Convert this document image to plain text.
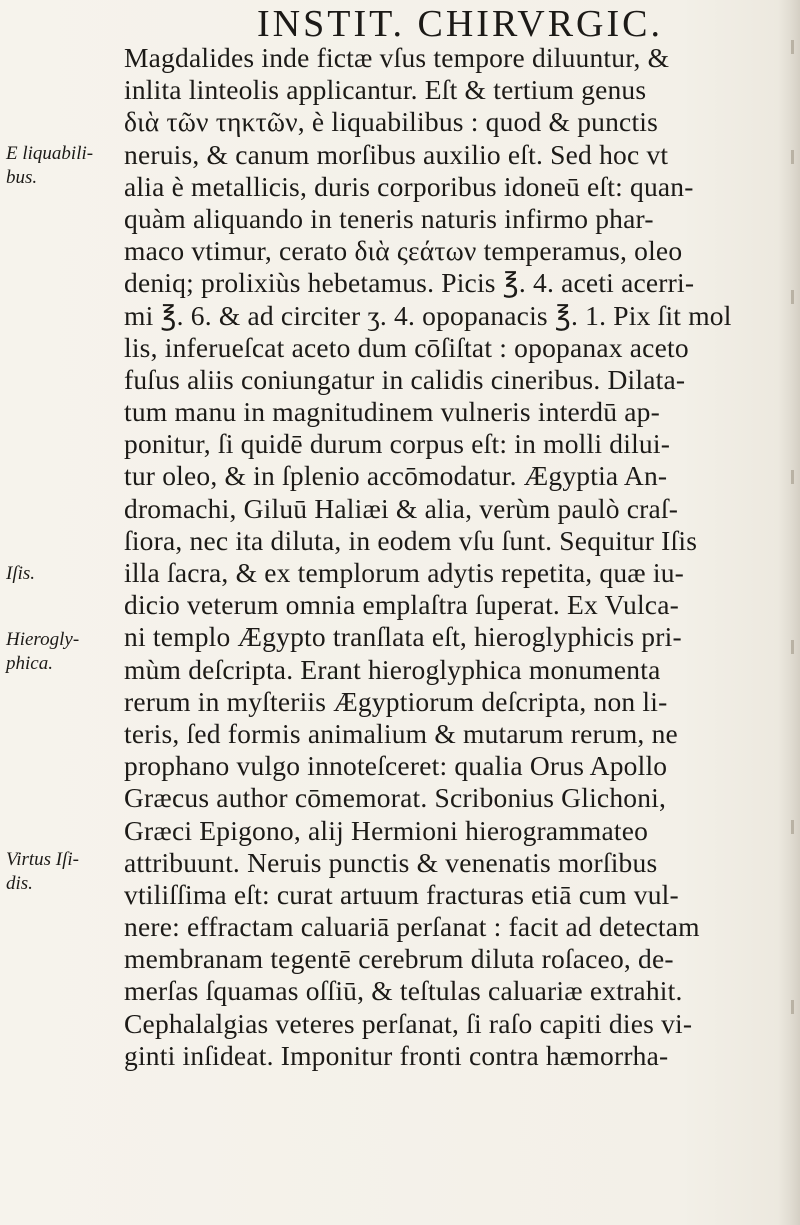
INSTIT. CHIRVRGIC.
E liquabili-
bus.
Iſis.
Hierogly-
phica.
Virtus Iſi-
dis.
Magdalides inde fictæ vſus tempore diluuntur, &
inlita linteolis applicantur. Eſt & tertium genus
διὰ τῶν τηκτῶν, è liquabilibus : quod & punctis
neruis, & canum morſibus auxilio eſt. Sed hoc vt
alia è metallicis, duris corporibus idoneū eſt: quan-
quàm aliquando in teneris naturis infirmo phar-
maco vtimur, cerato διὰ ςεάτων temperamus, oleo
deniq; prolixiùs hebetamus. Picis ℥. 4. aceti acerri-
mi ℥. 6. & ad circiter ʒ. 4. opopanacis ℥. 1. Pix ſit mol
lis, inferueſcat aceto dum cōſiſtat : opopanax aceto
fuſus aliis coniungatur in calidis cineribus. Dilata-
tum manu in magnitudinem vulneris interdū ap-
ponitur, ſi quidē durum corpus eſt: in molli dilui-
tur oleo, & in ſplenio accōmodatur. Ægyptia An-
dromachi, Giluū Haliæi & alia, verùm paulò craſ-
ſiora, nec ita diluta, in eodem vſu ſunt. Sequitur Iſis
illa ſacra, & ex templorum adytis repetita, quæ iu-
dicio veterum omnia emplaſtra ſuperat. Ex Vulca-
ni templo Ægypto tranſlata eſt, hieroglyphicis pri-
mùm deſcripta. Erant hieroglyphica monumenta
rerum in myſteriis Ægyptiorum deſcripta, non li-
teris, ſed formis animalium & mutarum rerum, ne
prophano vulgo innoteſceret: qualia Orus Apollo
Græcus author cōmemorat. Scribonius Glichoni,
Græci Epigono, alij Hermioni hierogrammateo
attribuunt. Neruis punctis & venenatis morſibus
vtiliſſima eſt: curat artuum fracturas etiā cum vul-
nere: effractam caluariā perſanat : facit ad detectam
membranam tegentē cerebrum diluta roſaceo, de-
merſas ſquamas oſſiū, & teſtulas caluariæ extrahit.
Cephalalgias veteres perſanat, ſi raſo capiti dies vi-
ginti inſideat. Imponitur fronti contra hæmorrha-
